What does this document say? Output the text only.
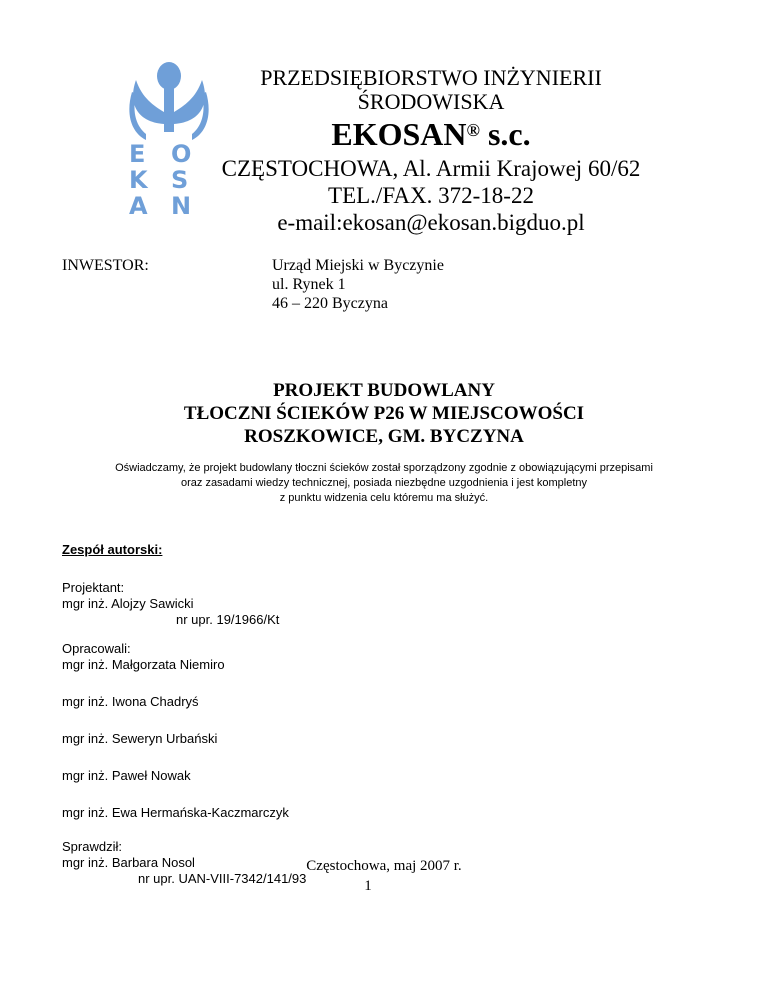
E
K
O
S
A N
PRZEDSIĘBIORSTWO INŻYNIERII
ŚRODOWISKA
EKOSAN® s.c.
CZĘSTOCHOWA, Al. Armii Krajowej 60/62
TEL./FAX. 372-18-22
e-mail:ekosan@ekosan.bigduo.pl
INWESTOR:	Urząd Miejski w Byczynie
ul. Rynek 1
46 – 220 Byczyna
PROJEKT BUDOWLANY
TŁOCZNI ŚCIEKÓW P26 W MIEJSCOWOŚCI
ROSZKOWICE, GM. BYCZYNA
Oświadczamy, że projekt budowlany tłoczni ścieków został sporządzony zgodnie z obowiązującymi przepisami
oraz zasadami wiedzy technicznej, posiada niezbędne uzgodnienia i jest kompletny
z punktu widzenia celu któremu ma służyć.
Zespół autorski:
Projektant:
mgr inż. Alojzy Sawicki
nr upr. 19/1966/Kt
Opracowali:
mgr inż. Małgorzata Niemiro
mgr inż. Iwona Chadryś
mgr inż. Seweryn Urbański
mgr inż. Paweł Nowak
mgr inż. Ewa Hermańska-Kaczmarczyk
Sprawdził:
mgr inż. Barbara Nosol
nr upr. UAN-VIII-7342/141/93
Częstochowa, maj 2007 r.
1
